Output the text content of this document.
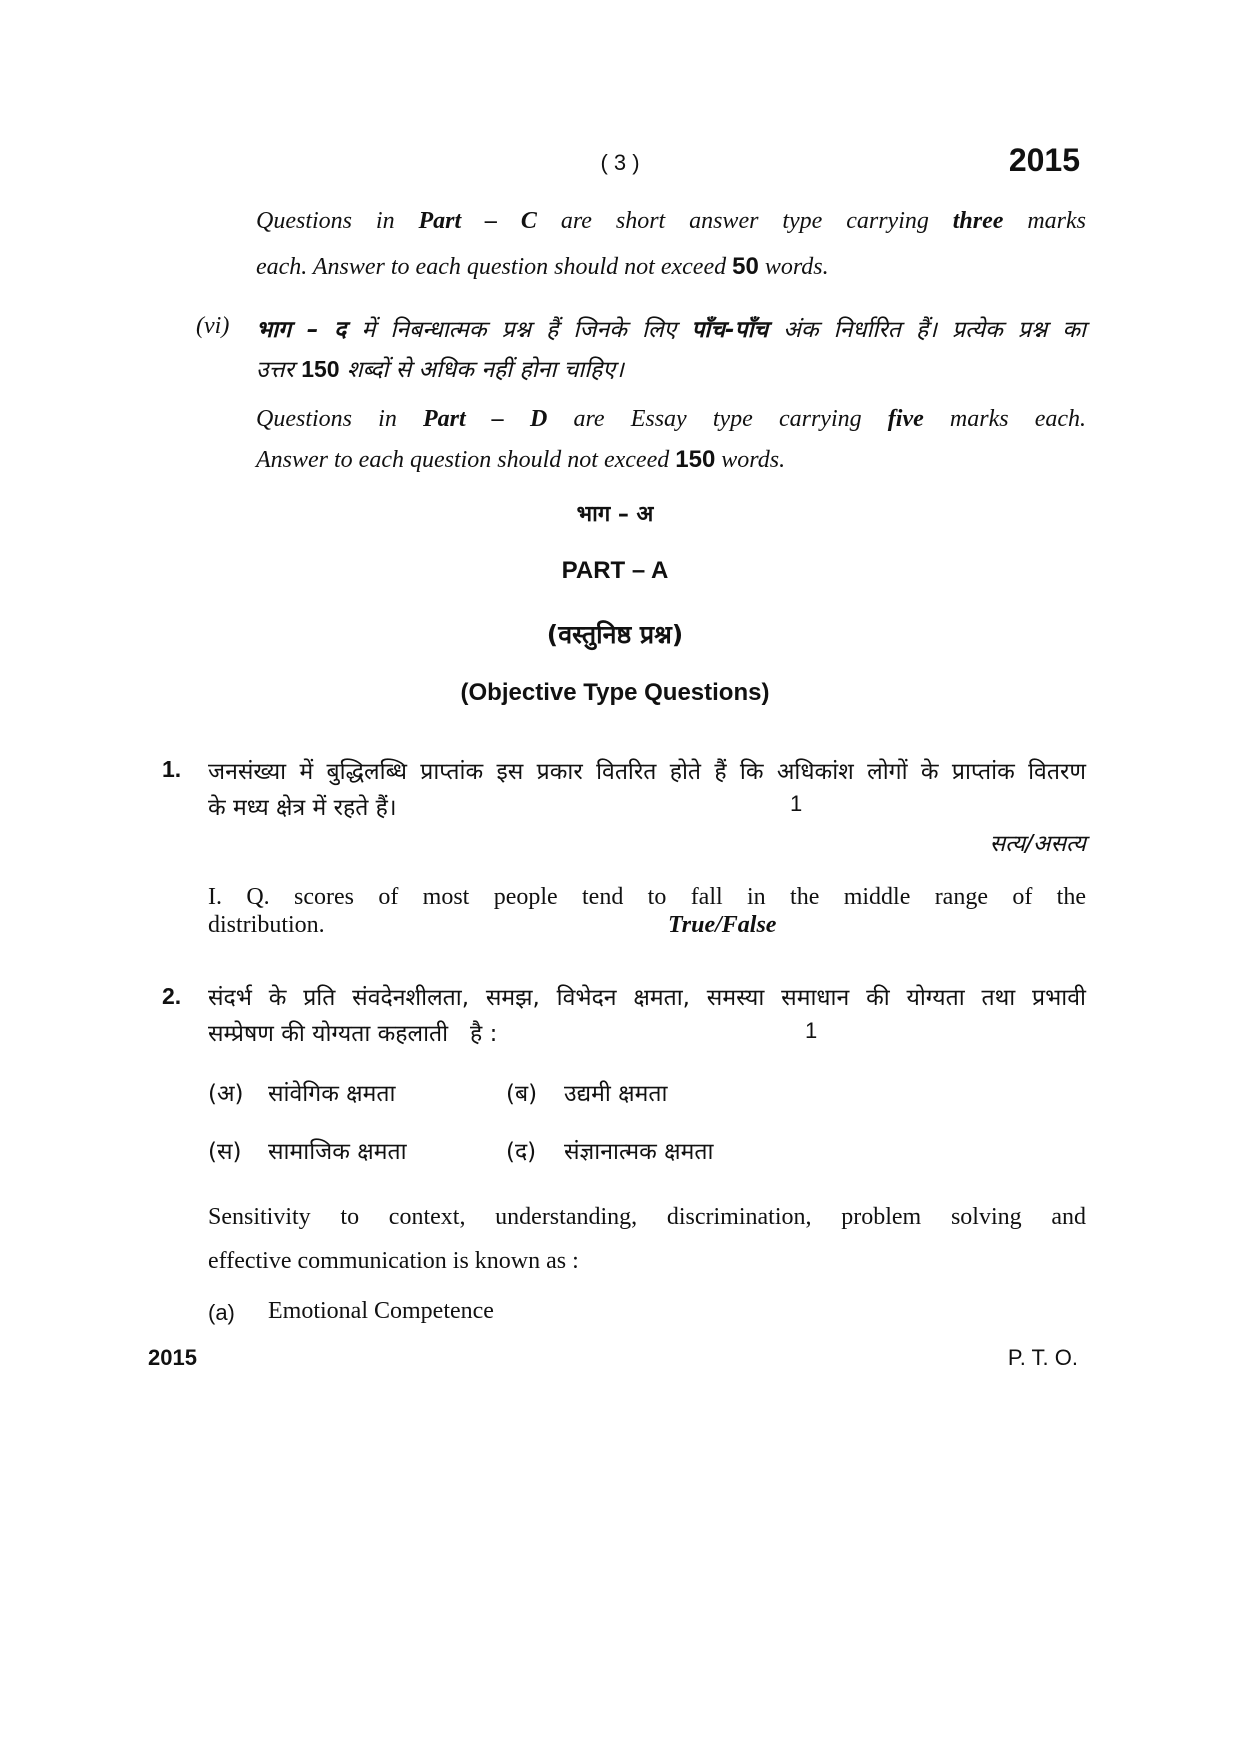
( 3 )	2015
Questions in Part – C are short answer type carrying three marks
each. Answer to each question should not exceed 50 words.
(vi) भाग – द में निबन्धात्मक प्रश्न हैं जिनके लिए पाँच-पाँच अंक निर्धारित हैं। प्रत्येक प्रश्न का
उत्तर 150 शब्दों से अधिक नहीं होना चाहिए।
Questions in Part – D are Essay type carrying five marks each.
Answer to each question should not exceed 150 words.
भाग – अ
PART – A
(वस्तुनिष्ठ प्रश्न)
(Objective Type Questions)
1. जनसंख्या में बुद्धिलब्धि प्राप्तांक इस प्रकार वितरित होते हैं कि अधिकांश लोगों के प्राप्तांक वितरण
के मध्य क्षेत्र में रहते हैं।	1
सत्य/असत्य
I. Q. scores of most people tend to fall in the middle range of the
distribution.	True/False
2. संदर्भ के प्रति संवदेनशीलता, समझ, विभेदन क्षमता, समस्या समाधान की योग्यता तथा प्रभावी
सम्प्रेषण की योग्यता कहलाती   है :	1
(अ) सांवेगिक क्षमता	(ब) उद्यमी क्षमता
(स) सामाजिक क्षमता	(द) संज्ञानात्मक क्षमता
Sensitivity to context, understanding, discrimination, problem solving and
effective communication is known as :
(a) Emotional Competence
2015	P. T. O.
